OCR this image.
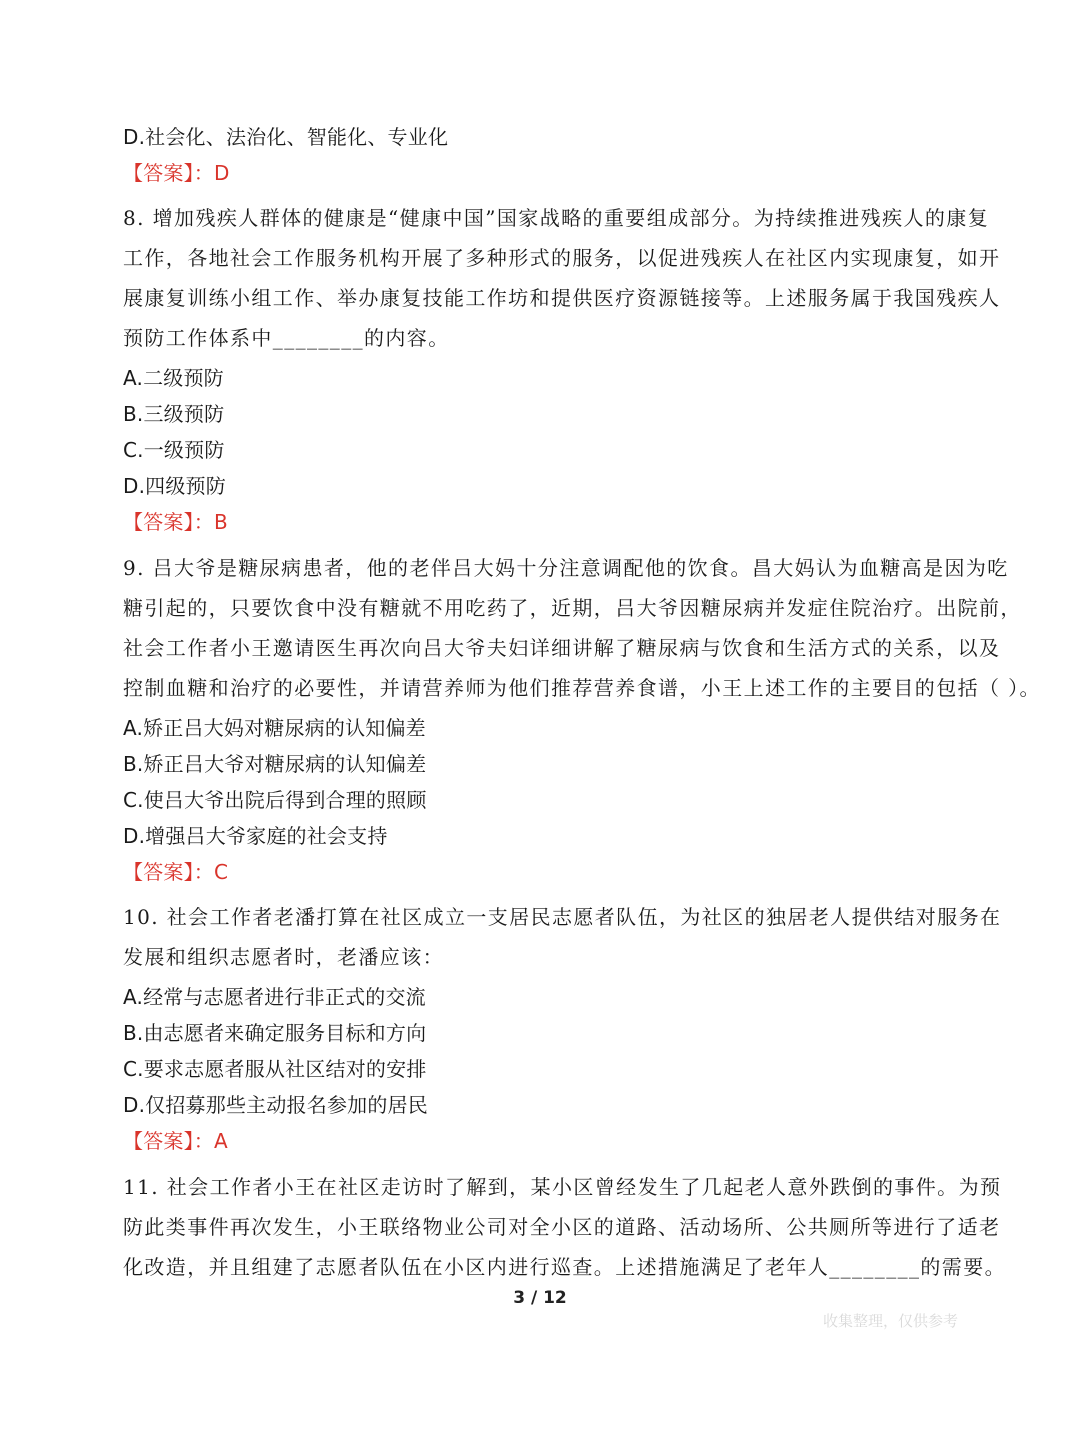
D.社会化、法治化、智能化、专业化
【答案】：D
8. 增加残疾人群体的健康是“健康中国”国家战略的重要组成部分。为持续推进残疾人的康复
工作，各地社会工作服务机构开展了多种形式的服务，以促进残疾人在社区内实现康复，如开
展康复训练小组工作、举办康复技能工作坊和提供医疗资源链接等。上述服务属于我国残疾人
预防工作体系中________的内容。
A.二级预防
B.三级预防
C.一级预防
D.四级预防
【答案】：B
9. 吕大爷是糖尿病患者，他的老伴吕大妈十分注意调配他的饮食。昌大妈认为血糖高是因为吃
糖引起的，只要饮食中没有糖就不用吃药了，近期，吕大爷因糖尿病并发症住院治疗。出院前，
社会工作者小王邀请医生再次向吕大爷夫妇详细讲解了糖尿病与饮食和生活方式的关系，以及
控制血糖和治疗的必要性，并请营养师为他们推荐营养食谱，小王上述工作的主要目的包括（ ）。
A.矫正吕大妈对糖尿病的认知偏差
B.矫正吕大爷对糖尿病的认知偏差
C.使吕大爷出院后得到合理的照顾
D.增强吕大爷家庭的社会支持
【答案】：C
10. 社会工作者老潘打算在社区成立一支居民志愿者队伍，为社区的独居老人提供结对服务在
发展和组织志愿者时，老潘应该：
A.经常与志愿者进行非正式的交流
B.由志愿者来确定服务目标和方向
C.要求志愿者服从社区结对的安排
D.仅招募那些主动报名参加的居民
【答案】：A
11. 社会工作者小王在社区走访时了解到，某小区曾经发生了几起老人意外跌倒的事件。为预
防此类事件再次发生，小王联络物业公司对全小区的道路、活动场所、公共厕所等进行了适老
化改造，并且组建了志愿者队伍在小区内进行巡查。上述措施满足了老年人________的需要。
3 / 12
收集整理，仅供参考
